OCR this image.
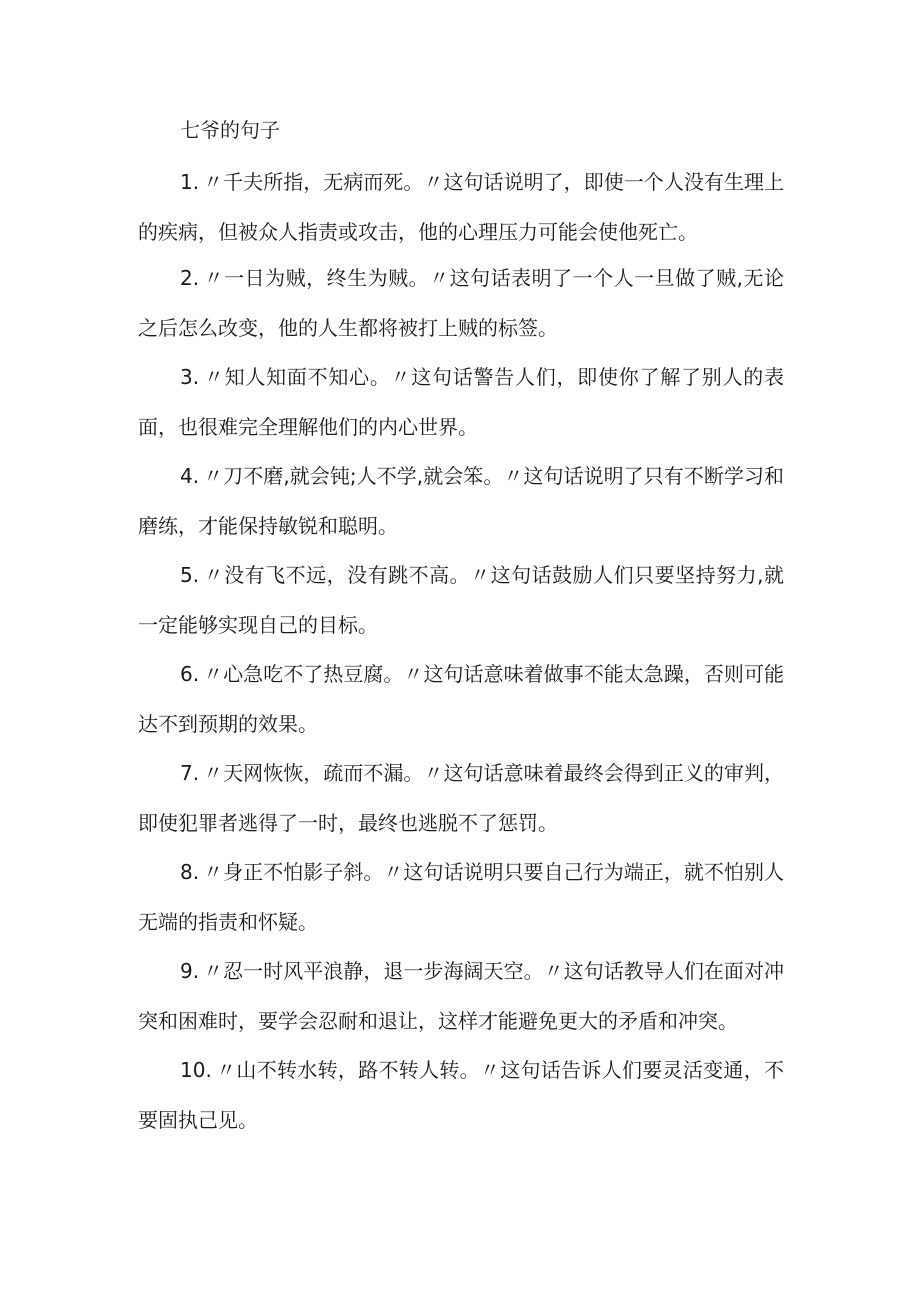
七爷的句子

1. 〃千夫所指，无病而死。〃这句话说明了，即使一个人没有生理上的疾病，但被众人指责或攻击，他的心理压力可能会使他死亡。

2. 〃一日为贼，终生为贼。〃这句话表明了一个人一旦做了贼,无论之后怎么改变，他的人生都将被打上贼的标签。

3. 〃知人知面不知心。〃这句话警告人们，即使你了解了别人的表面，也很难完全理解他们的内心世界。

4. 〃刀不磨,就会钝;人不学,就会笨。〃这句话说明了只有不断学习和磨练，才能保持敏锐和聪明。

5. 〃没有飞不远，没有跳不高。〃这句话鼓励人们只要坚持努力,就一定能够实现自己的目标。

6. 〃心急吃不了热豆腐。〃这句话意味着做事不能太急躁，否则可能达不到预期的效果。

7. 〃天网恢恢，疏而不漏。〃这句话意味着最终会得到正义的审判，即使犯罪者逃得了一时，最终也逃脱不了惩罚。

8. 〃身正不怕影子斜。〃这句话说明只要自己行为端正，就不怕别人无端的指责和怀疑。

9. 〃忍一时风平浪静，退一步海阔天空。〃这句话教导人们在面对冲突和困难时，要学会忍耐和退让，这样才能避免更大的矛盾和冲突。

10. 〃山不转水转，路不转人转。〃这句话告诉人们要灵活变通，不要固执己见。
